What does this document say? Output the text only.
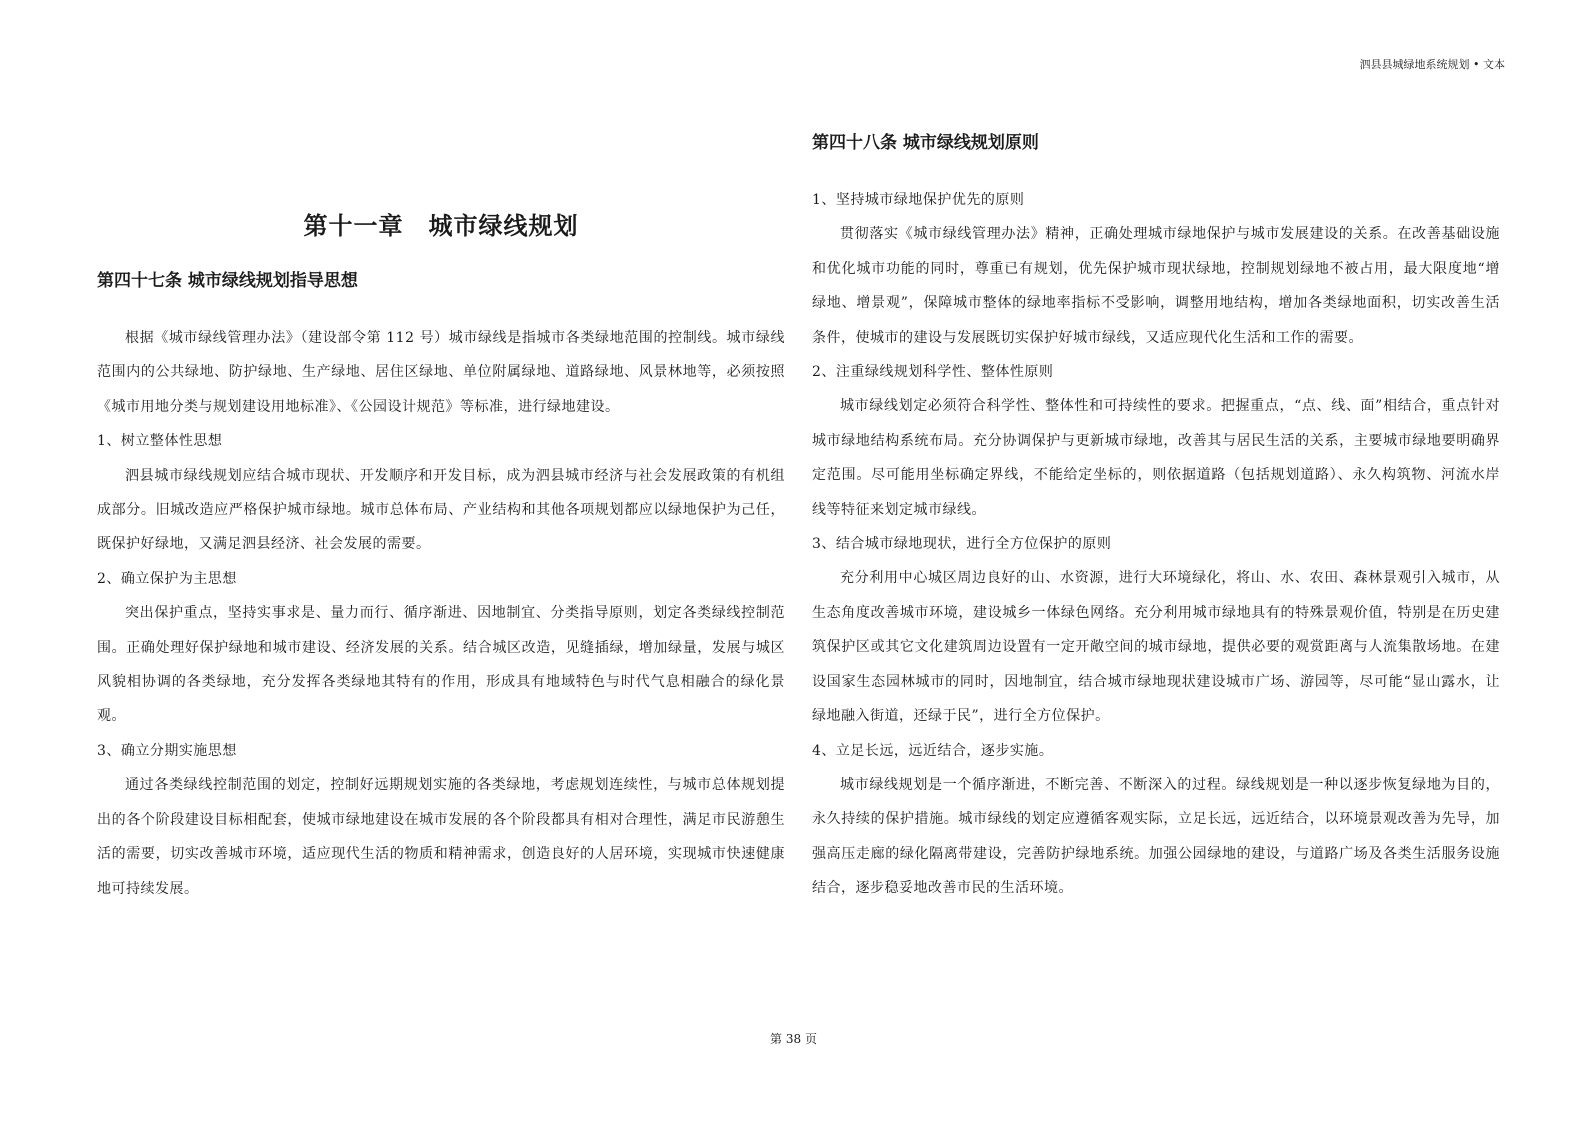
泗县县城绿地系统规划 • 文本
第十一章　城市绿线规划
第四十七条 城市绿线规划指导思想

根据《城市绿线管理办法》（建设部令第 112 号）城市绿线是指城市各类绿地范围的控制线。城市绿线范围内的公共绿地、防护绿地、生产绿地、居住区绿地、单位附属绿地、道路绿地、风景林地等，必须按照《城市用地分类与规划建设用地标准》、《公园设计规范》等标准，进行绿地建设。

1、树立整体性思想

泗县城市绿线规划应结合城市现状、开发顺序和开发目标，成为泗县城市经济与社会发展政策的有机组成部分。旧城改造应严格保护城市绿地。城市总体布局、产业结构和其他各项规划都应以绿地保护为己任，既保护好绿地，又满足泗县经济、社会发展的需要。

2、确立保护为主思想

突出保护重点，坚持实事求是、量力而行、循序渐进、因地制宜、分类指导原则，划定各类绿线控制范围。正确处理好保护绿地和城市建设、经济发展的关系。结合城区改造，见缝插绿，增加绿量，发展与城区风貌相协调的各类绿地，充分发挥各类绿地其特有的作用，形成具有地域特色与时代气息相融合的绿化景观。

3、确立分期实施思想

通过各类绿线控制范围的划定，控制好远期规划实施的各类绿地，考虑规划连续性，与城市总体规划提出的各个阶段建设目标相配套，使城市绿地建设在城市发展的各个阶段都具有相对合理性，满足市民游憩生活的需要，切实改善城市环境，适应现代生活的物质和精神需求，创造良好的人居环境，实现城市快速健康地可持续发展。

第四十八条 城市绿线规划原则

1、坚持城市绿地保护优先的原则

贯彻落实《城市绿线管理办法》精神，正确处理城市绿地保护与城市发展建设的关系。在改善基础设施和优化城市功能的同时，尊重已有规划，优先保护城市现状绿地，控制规划绿地不被占用，最大限度地“增绿地、增景观”，保障城市整体的绿地率指标不受影响，调整用地结构，增加各类绿地面积，切实改善生活条件，使城市的建设与发展既切实保护好城市绿线，又适应现代化生活和工作的需要。

2、注重绿线规划科学性、整体性原则

城市绿线划定必须符合科学性、整体性和可持续性的要求。把握重点，“点、线、面”相结合，重点针对城市绿地结构系统布局。充分协调保护与更新城市绿地，改善其与居民生活的关系，主要城市绿地要明确界定范围。尽可能用坐标确定界线，不能给定坐标的，则依据道路（包括规划道路）、永久构筑物、河流水岸线等特征来划定城市绿线。

3、结合城市绿地现状，进行全方位保护的原则

充分利用中心城区周边良好的山、水资源，进行大环境绿化，将山、水、农田、森林景观引入城市，从生态角度改善城市环境，建设城乡一体绿色网络。充分利用城市绿地具有的特殊景观价值，特别是在历史建筑保护区或其它文化建筑周边设置有一定开敞空间的城市绿地，提供必要的观赏距离与人流集散场地。在建设国家生态园林城市的同时，因地制宜，结合城市绿地现状建设城市广场、游园等，尽可能“显山露水，让绿地融入街道，还绿于民”，进行全方位保护。

4、立足长远，远近结合，逐步实施。

城市绿线规划是一个循序渐进，不断完善、不断深入的过程。绿线规划是一种以逐步恢复绿地为目的，永久持续的保护措施。城市绿线的划定应遵循客观实际，立足长远，远近结合，以环境景观改善为先导，加强高压走廊的绿化隔离带建设，完善防护绿地系统。加强公园绿地的建设，与道路广场及各类生活服务设施结合，逐步稳妥地改善市民的生活环境。

第 38 页
